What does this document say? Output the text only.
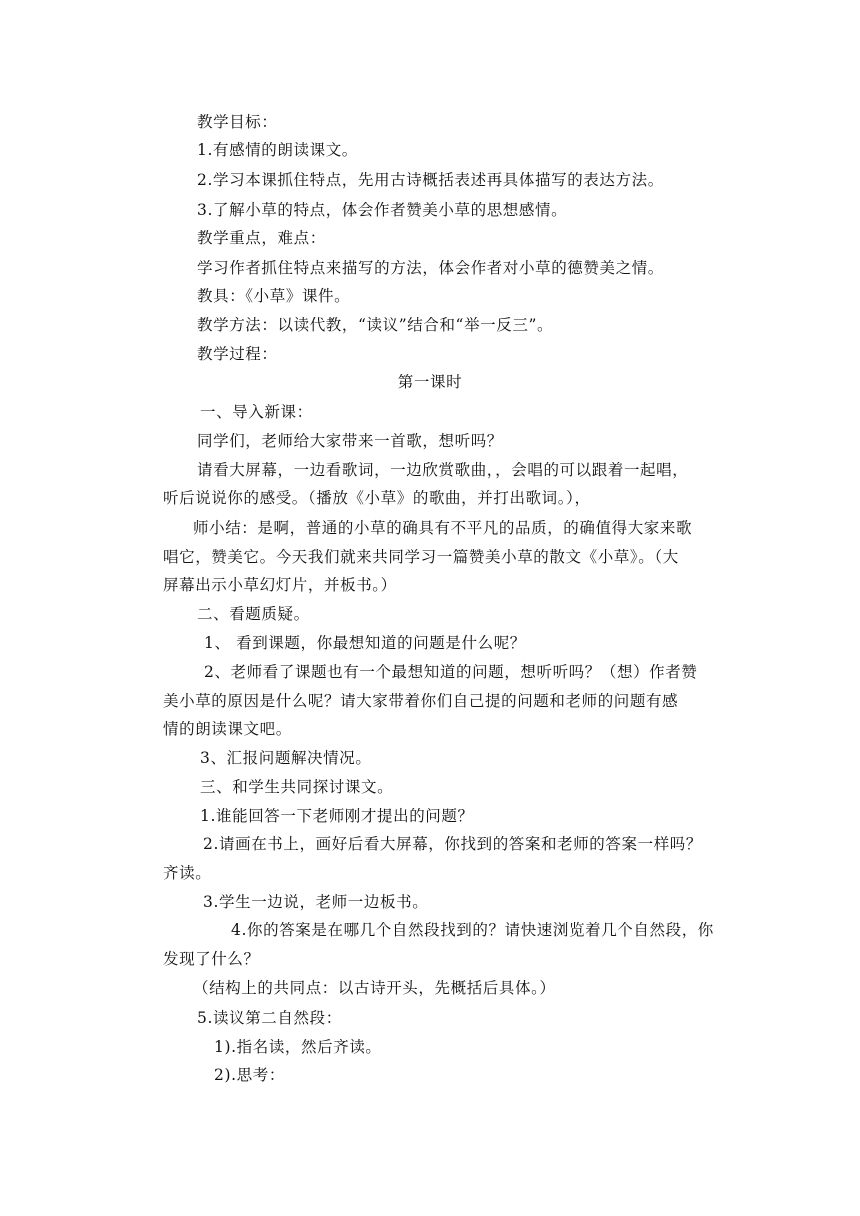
教学目标：
1.有感情的朗读课文。
2.学习本课抓住特点，先用古诗概括表述再具体描写的表达方法。
3.了解小草的特点，体会作者赞美小草的思想感情。
教学重点，难点：
学习作者抓住特点来描写的方法，体会作者对小草的德赞美之情。
教具：《小草》课件。
教学方法：以读代教，“读议”结合和“举一反三”。
教学过程：
第一课时
一、导入新课：
同学们，老师给大家带来一首歌，想听吗？
请看大屏幕，一边看歌词，一边欣赏歌曲，，会唱的可以跟着一起唱，
听后说说你的感受。（播放《小草》的歌曲，并打出歌词。），
师小结：是啊，普通的小草的确具有不平凡的品质，的确值得大家来歌
唱它，赞美它。今天我们就来共同学习一篇赞美小草的散文《小草》。（大
屏幕出示小草幻灯片，并板书。）
二、看题质疑。
1、 看到课题，你最想知道的问题是什么呢？
2、老师看了课题也有一个最想知道的问题，想听听吗？（想）作者赞
美小草的原因是什么呢？请大家带着你们自己提的问题和老师的问题有感
情的朗读课文吧。
3、汇报问题解决情况。
三、和学生共同探讨课文。
1.谁能回答一下老师刚才提出的问题？
2.请画在书上，画好后看大屏幕，你找到的答案和老师的答案一样吗？
齐读。
3.学生一边说，老师一边板书。
4.你的答案是在哪几个自然段找到的？请快速浏览着几个自然段，你
发现了什么？
（结构上的共同点：以古诗开头，先概括后具体。）
5.读议第二自然段：
1).指名读，然后齐读。
2).思考：
